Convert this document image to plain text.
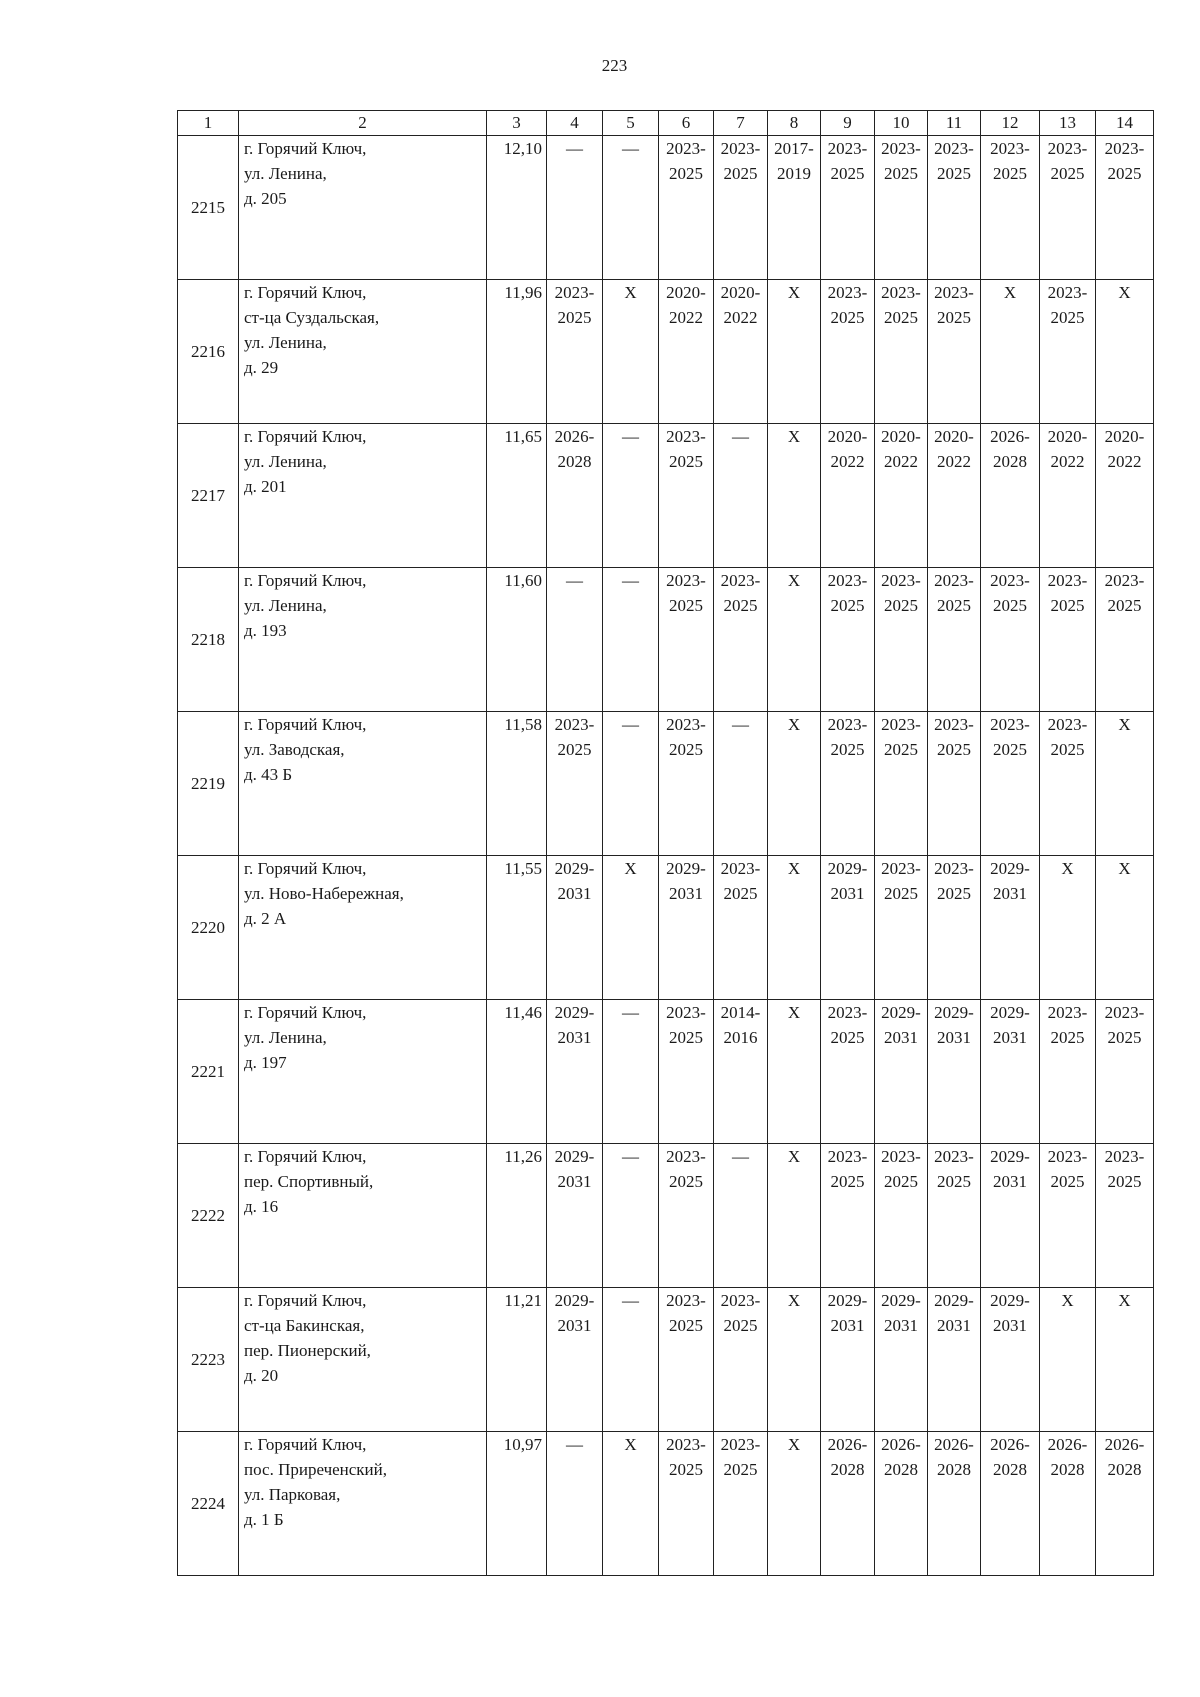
223
1	2	3	4	5	6	7	8	9	10	11	12	13	14
2215	г. Горячий Ключ,
ул. Ленина,
д. 205	12,10	—	—	2023-
2025	2023-
2025	2017-
2019	2023-
2025	2023-
2025	2023-
2025	2023-
2025	2023-
2025	2023-
2025

2216	г. Горячий Ключ,
ст-ца Суздальская,
ул. Ленина,
д. 29	11,96	2023-
2025	X	2020-
2022	2020-
2022	X	2023-
2025	2023-
2025	2023-
2025	X	2023-
2025	X

2217	г. Горячий Ключ,
ул. Ленина,
д. 201	11,65	2026-
2028	—	2023-
2025	—	X	2020-
2022	2020-
2022	2020-
2022	2026-
2028	2020-
2022	2020-
2022

2218	г. Горячий Ключ,
ул. Ленина,
д. 193	11,60	—	—	2023-
2025	2023-
2025	X	2023-
2025	2023-
2025	2023-
2025	2023-
2025	2023-
2025	2023-
2025

2219	г. Горячий Ключ,
ул. Заводская,
д. 43 Б	11,58	2023-
2025	—	2023-
2025	—	X	2023-
2025	2023-
2025	2023-
2025	2023-
2025	2023-
2025	X

2220	г. Горячий Ключ,
ул. Ново-Набережная,
д. 2 А	11,55	2029-
2031	X	2029-
2031	2023-
2025	X	2029-
2031	2023-
2025	2023-
2025	2029-
2031	X	X

2221	г. Горячий Ключ,
ул. Ленина,
д. 197	11,46	2029-
2031	—	2023-
2025	2014-
2016	X	2023-
2025	2029-
2031	2029-
2031	2029-
2031	2023-
2025	2023-
2025

2222	г. Горячий Ключ,
пер. Спортивный,
д. 16	11,26	2029-
2031	—	2023-
2025	—	X	2023-
2025	2023-
2025	2023-
2025	2029-
2031	2023-
2025	2023-
2025

2223	г. Горячий Ключ,
ст-ца Бакинская,
пер. Пионерский,
д. 20	11,21	2029-
2031	—	2023-
2025	2023-
2025	X	2029-
2031	2029-
2031	2029-
2031	2029-
2031	X	X

2224	г. Горячий Ключ,
пос. Приреченский,
ул. Парковая,
д. 1 Б	10,97	—	X	2023-
2025	2023-
2025	X	2026-
2028	2026-
2028	2026-
2028	2026-
2028	2026-
2028	2026-
2028
